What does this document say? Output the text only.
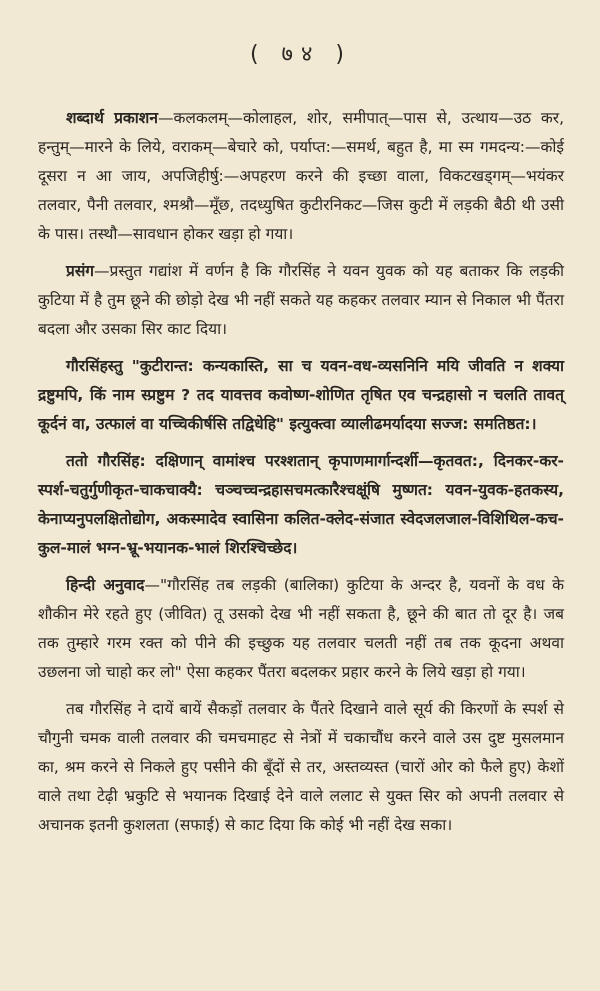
( ७४ )

शब्दार्थ प्रकाशन—कलकलम्—कोलाहल, शोर, समीपात्—पास से, उत्थाय—उठ कर, हन्तुम्—मारने के लिये, वराकम्—बेचारे को, पर्याप्त:—समर्थ, बहुत है, मा स्म गमदन्य:—कोई दूसरा न आ जाय, अपजिहीर्षु:—अपहरण करने की इच्छा वाला, विकटखड्गम्—भयंकर तलवार, पैनी तलवार, श्मश्रौ—मूँछ, तदध्युषित कुटीरनिकट—जिस कुटी में लड़की बैठी थी उसी के पास। तस्थौ—सावधान होकर खड़ा हो गया।

प्रसंग—प्रस्तुत गद्यांश में वर्णन है कि गौरसिंह ने यवन युवक को यह बताकर कि लड़की कुटिया में है तुम छूने की छोड़ो देख भी नहीं सकते यह कहकर तलवार म्यान से निकाल भी पैंतरा बदला और उसका सिर काट दिया।

गौरसिंहस्तु "कुटीरान्त: कन्यकास्ति, सा च यवन-वध-व्यसनिनि मयि जीवति न शक्या द्रष्टुमपि, किं नाम स्प्रष्टुम ? तद यावत्तव कवोष्ण-शोणित तृषित एव चन्द्रहासो न चलति तावत् कूर्दनं वा, उत्फालं वा यच्चिकीर्षसि तद्विधेहि" इत्युक्त्वा व्यालीढमर्यादया सज्ज: समतिष्ठत:।

ततो गौरसिंह: दक्षिणान् वामांश्च परश्शतान् कृपाणमार्गान्दर्शी—कृतवत:, दिनकर-कर-स्पर्श-चतुर्गुणीकृत-चाकचाक्यै: चञ्चच्चन्द्रहासचमत्कारैश्चक्षूंषि मुष्णत: यवन-युवक-हतकस्य, केनाप्यनुपलक्षितोद्योग, अकस्मादेव स्वासिना कलित-क्लेद-संजात स्वेदजलजाल-विशिथिल-कच-कुल-मालं भग्न-भ्रू-भयानक-भालं शिरश्चिच्छेद।

हिन्दी अनुवाद—"गौरसिंह तब लड़की (बालिका) कुटिया के अन्दर है, यवनों के वध के शौकीन मेरे रहते हुए (जीवित) तू उसको देख भी नहीं सकता है, छूने की बात तो दूर है। जब तक तुम्हारे गरम रक्त को पीने की इच्छुक यह तलवार चलती नहीं तब तक कूदना अथवा उछलना जो चाहो कर लो" ऐसा कहकर पैंतरा बदलकर प्रहार करने के लिये खड़ा हो गया।

तब गौरसिंह ने दायें बायें सैकड़ों तलवार के पैंतरे दिखाने वाले सूर्य की किरणों के स्पर्श से चौगुनी चमक वाली तलवार की चमचमाहट से नेत्रों में चकाचौंध करने वाले उस दुष्ट मुसलमान का, श्रम करने से निकले हुए पसीने की बूँदों से तर, अस्तव्यस्त (चारों ओर को फैले हुए) केशों वाले तथा टेढ़ी भ्रकुटि से भयानक दिखाई देने वाले ललाट से युक्त सिर को अपनी तलवार से अचानक इतनी कुशलता (सफाई) से काट दिया कि कोई भी नहीं देख सका।
